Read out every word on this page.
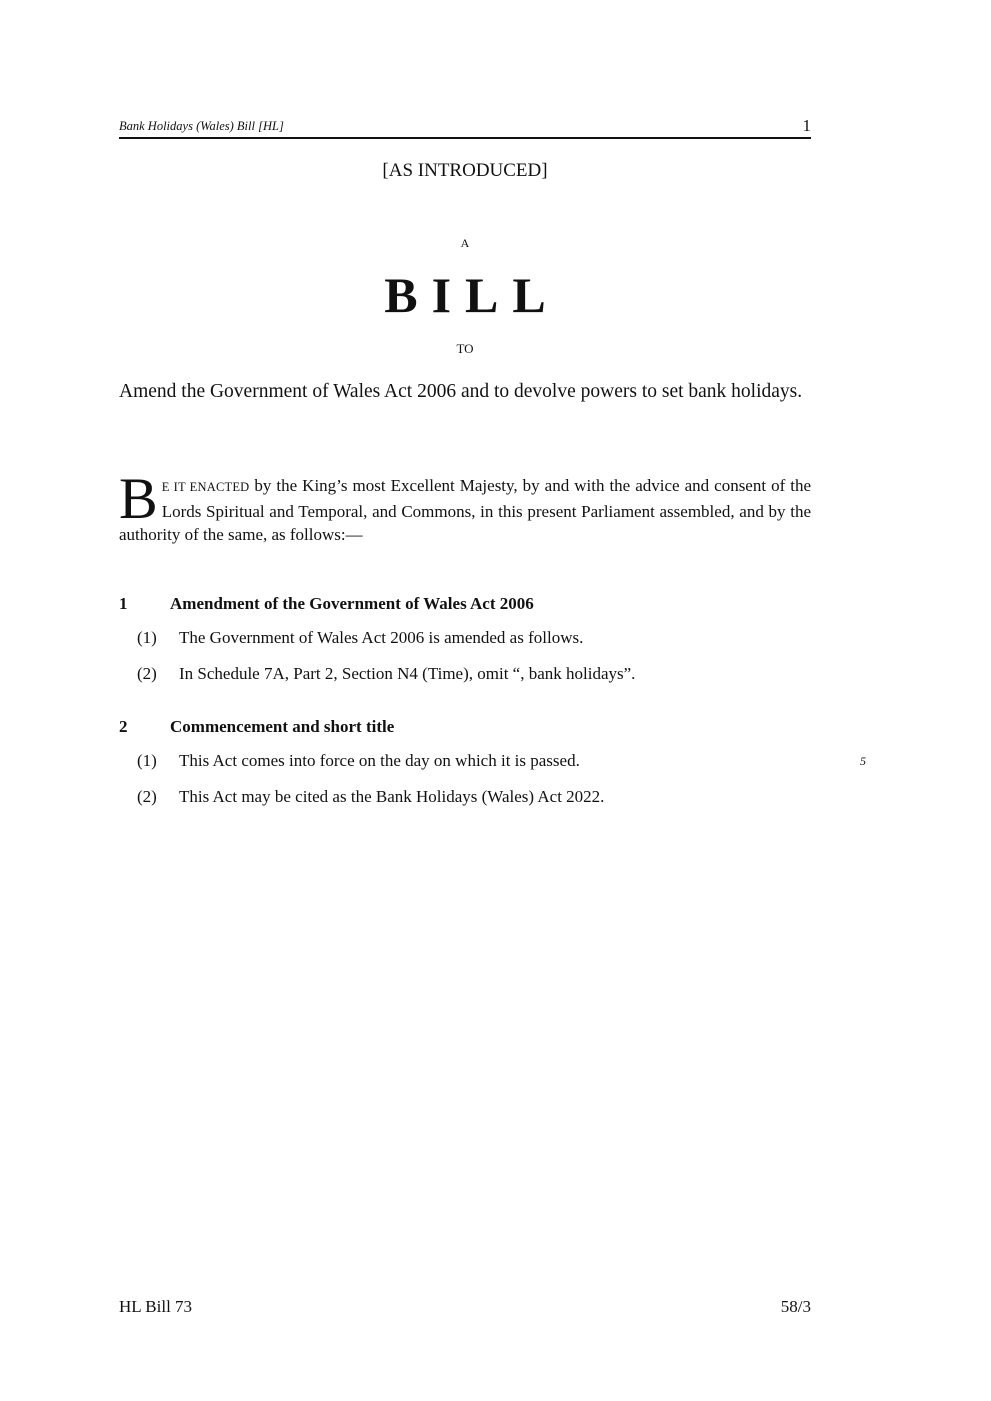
Bank Holidays (Wales) Bill [HL]	1
[AS INTRODUCED]
A
BILL
TO
Amend the Government of Wales Act 2006 and to devolve powers to set bank holidays.
B E IT ENACTED by the King’s most Excellent Majesty, by and with the advice and consent of the Lords Spiritual and Temporal, and Commons, in this present Parliament assembled, and by the authority of the same, as follows:—
1	Amendment of the Government of Wales Act 2006
(1) The Government of Wales Act 2006 is amended as follows.
(2) In Schedule 7A, Part 2, Section N4 (Time), omit “, bank holidays”.
2	Commencement and short title
(1) This Act comes into force on the day on which it is passed.	5
(2) This Act may be cited as the Bank Holidays (Wales) Act 2022.
HL Bill 73	58/3
